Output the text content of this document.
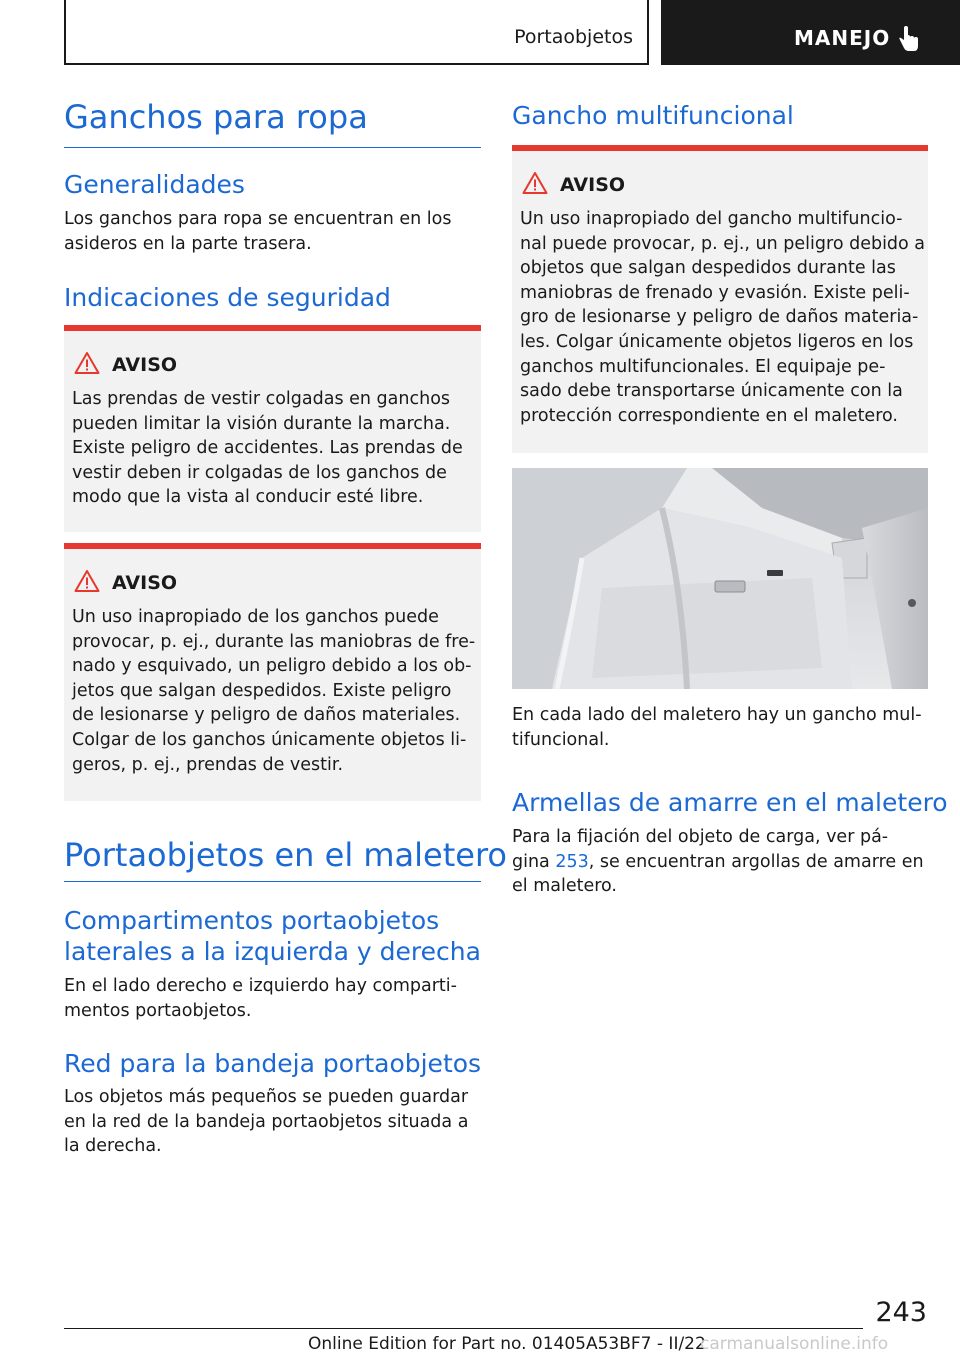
Portaobjetos	MANEJO
Ganchos para ropa
Generalidades
Los ganchos para ropa se encuentran en los
asideros en la parte trasera.
Indicaciones de seguridad
AVISO
Las prendas de vestir colgadas en ganchos
pueden limitar la visión durante la marcha.
Existe peligro de accidentes. Las prendas de
vestir deben ir colgadas de los ganchos de
modo que la vista al conducir esté libre.
AVISO
Un uso inapropiado de los ganchos puede
provocar, p. ej., durante las maniobras de fre-
nado y esquivado, un peligro debido a los ob-
jetos que salgan despedidos. Existe peligro
de lesionarse y peligro de daños materiales.
Colgar de los ganchos únicamente objetos li-
geros, p. ej., prendas de vestir.
Portaobjetos en el maletero
Compartimentos portaobjetos
laterales a la izquierda y derecha
En el lado derecho e izquierdo hay comparti-
mentos portaobjetos.
Red para la bandeja portaobjetos
Los objetos más pequeños se pueden guardar
en la red de la bandeja portaobjetos situada a
la derecha.
Gancho multifuncional
AVISO
Un uso inapropiado del gancho multifuncio-
nal puede provocar, p. ej., un peligro debido a
objetos que salgan despedidos durante las
maniobras de frenado y evasión. Existe peli-
gro de lesionarse y peligro de daños materia-
les. Colgar únicamente objetos ligeros en los
ganchos multifuncionales. El equipaje pe-
sado debe transportarse únicamente con la
protección correspondiente en el maletero.
En cada lado del maletero hay un gancho mul-
tifuncional.
Armellas de amarre en el maletero
Para la fijación del objeto de carga, ver pá-
gina 253, se encuentran argollas de amarre en
el maletero.
243
Online Edition for Part no. 01405A53BF7 - II/22
carmanualsonline.info
